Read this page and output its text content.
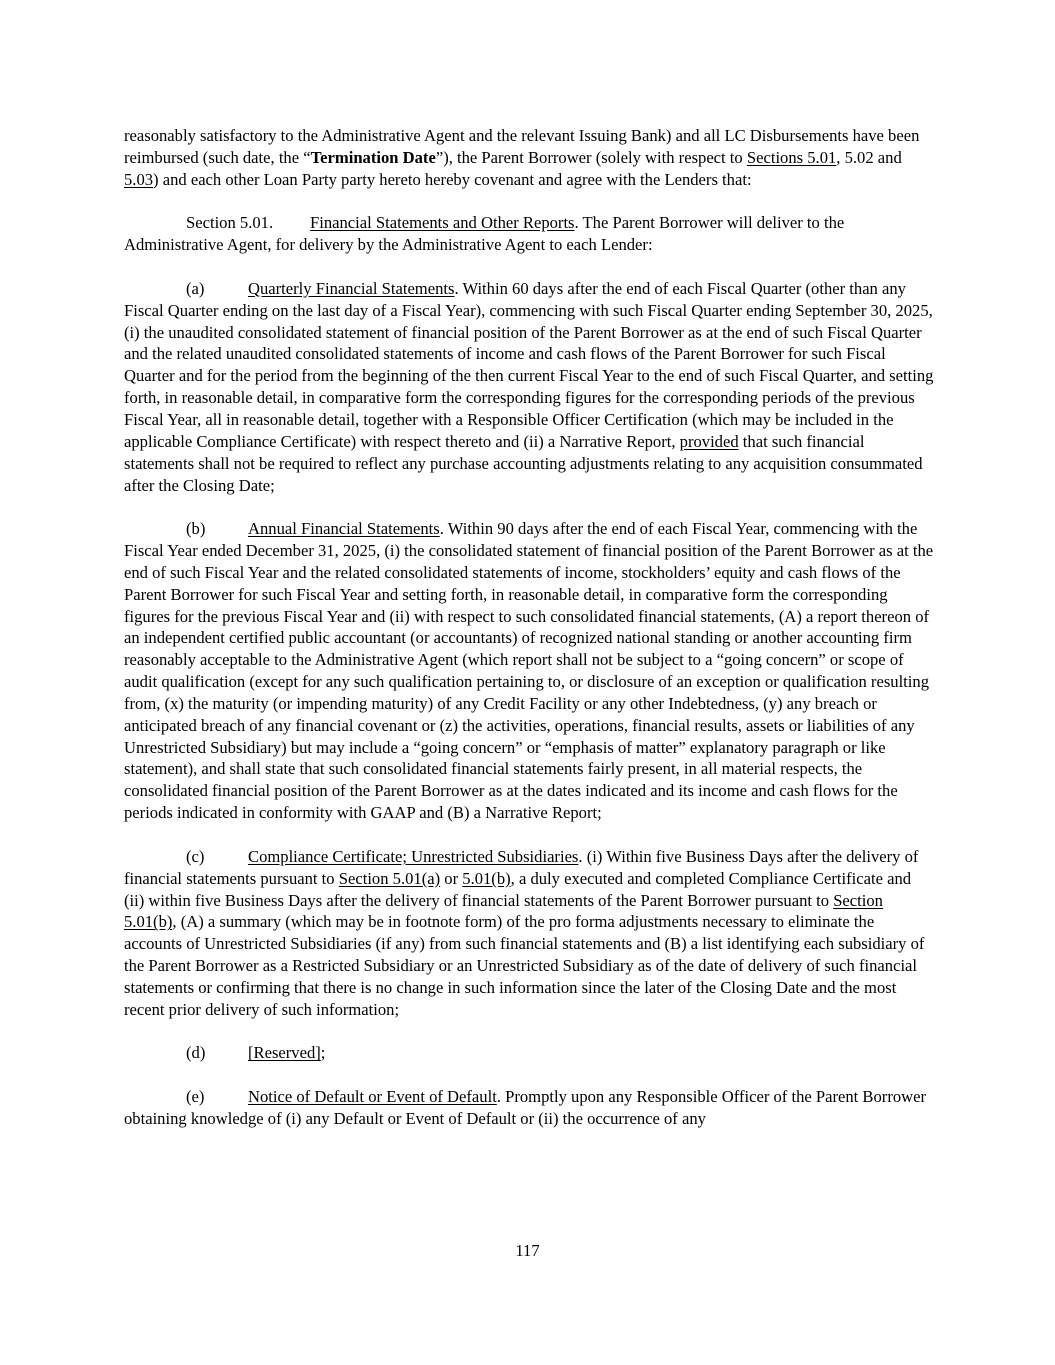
reasonably satisfactory to the Administrative Agent and the relevant Issuing Bank) and all LC Disbursements have been reimbursed (such date, the “Termination Date”), the Parent Borrower (solely with respect to Sections 5.01, 5.02 and 5.03) and each other Loan Party party hereto hereby covenant and agree with the Lenders that:

Section 5.01. Financial Statements and Other Reports. The Parent Borrower will deliver to the Administrative Agent, for delivery by the Administrative Agent to each Lender:

(a)	Quarterly Financial Statements. Within 60 days after the end of each Fiscal Quarter (other than any Fiscal Quarter ending on the last day of a Fiscal Year), commencing with such Fiscal Quarter ending September 30, 2025, (i) the unaudited consolidated statement of financial position of the Parent Borrower as at the end of such Fiscal Quarter and the related unaudited consolidated statements of income and cash flows of the Parent Borrower for such Fiscal Quarter and for the period from the beginning of the then current Fiscal Year to the end of such Fiscal Quarter, and setting forth, in reasonable detail, in comparative form the corresponding figures for the corresponding periods of the previous Fiscal Year, all in reasonable detail, together with a Responsible Officer Certification (which may be included in the applicable Compliance Certificate) with respect thereto and (ii) a Narrative Report, provided that such financial statements shall not be required to reflect any purchase accounting adjustments relating to any acquisition consummated after the Closing Date;

(b)	Annual Financial Statements. Within 90 days after the end of each Fiscal Year, commencing with the Fiscal Year ended December 31, 2025, (i) the consolidated statement of financial position of the Parent Borrower as at the end of such Fiscal Year and the related consolidated statements of income, stockholders’ equity and cash flows of the Parent Borrower for such Fiscal Year and setting forth, in reasonable detail, in comparative form the corresponding figures for the previous Fiscal Year and (ii) with respect to such consolidated financial statements, (A) a report thereon of an independent certified public accountant (or accountants) of recognized national standing or another accounting firm reasonably acceptable to the Administrative Agent (which report shall not be subject to a “going concern” or scope of audit qualification (except for any such qualification pertaining to, or disclosure of an exception or qualification resulting from, (x) the maturity (or impending maturity) of any Credit Facility or any other Indebtedness, (y) any breach or anticipated breach of any financial covenant or (z) the activities, operations, financial results, assets or liabilities of any Unrestricted Subsidiary) but may include a “going concern” or “emphasis of matter” explanatory paragraph or like statement), and shall state that such consolidated financial statements fairly present, in all material respects, the consolidated financial position of the Parent Borrower as at the dates indicated and its income and cash flows for the periods indicated in conformity with GAAP and (B) a Narrative Report;

(c)	Compliance Certificate; Unrestricted Subsidiaries. (i) Within five Business Days after the delivery of financial statements pursuant to Section 5.01(a) or 5.01(b), a duly executed and completed Compliance Certificate and (ii) within five Business Days after the delivery of financial statements of the Parent Borrower pursuant to Section 5.01(b), (A) a summary (which may be in footnote form) of the pro forma adjustments necessary to eliminate the accounts of Unrestricted Subsidiaries (if any) from such financial statements and (B) a list identifying each subsidiary of the Parent Borrower as a Restricted Subsidiary or an Unrestricted Subsidiary as of the date of delivery of such financial statements or confirming that there is no change in such information since the later of the Closing Date and the most recent prior delivery of such information;

(d)	[Reserved];

(e)	Notice of Default or Event of Default. Promptly upon any Responsible Officer of the Parent Borrower obtaining knowledge of (i) any Default or Event of Default or (ii) the occurrence of any

117
